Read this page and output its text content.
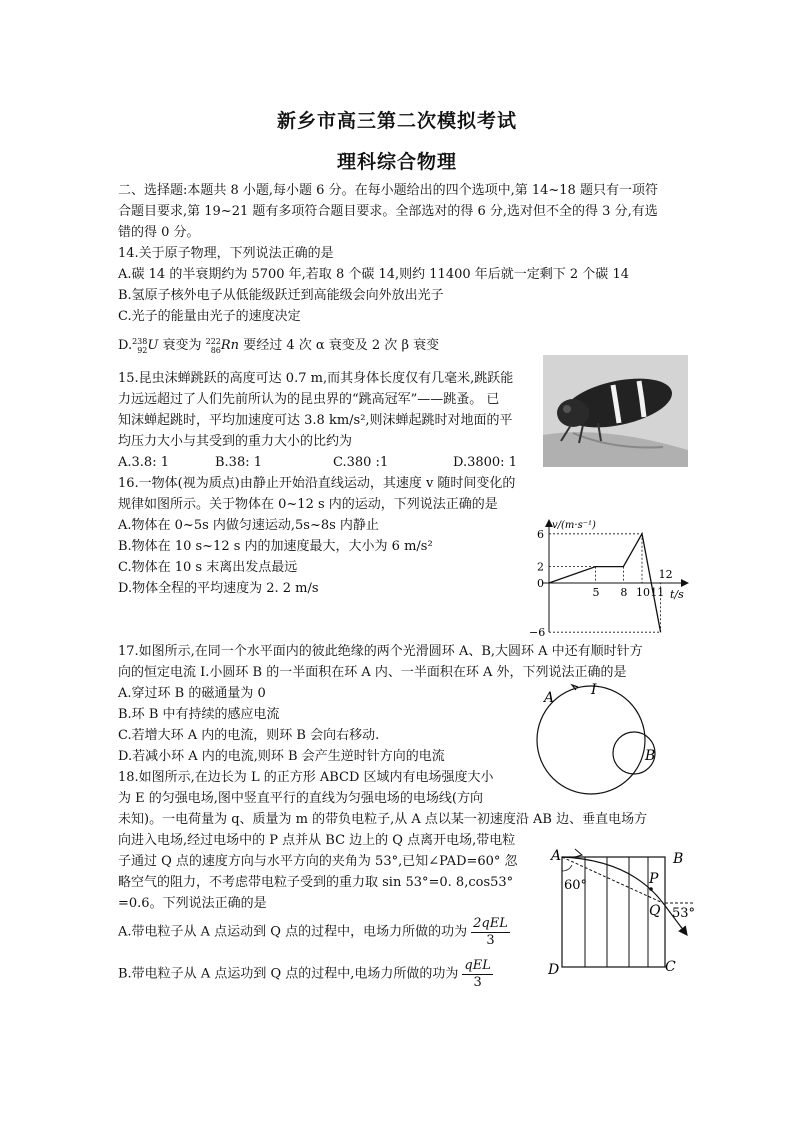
新乡市高三第二次模拟考试
理科综合物理
二、选择题:本题共 8 小题,每小题 6 分。在每小题给出的四个选项中,第 14~18 题只有一项符
合题目要求,第 19~21 题有多项符合题目要求。全部选对的得 6 分,选对但不全的得 3 分,有选
错的得 0 分。
14.关于原子物理，下列说法正确的是
A.碳 14 的半衰期约为 5700 年,若取 8 个碳 14,则约 11400 年后就一定剩下 2 个碳 14
B.氢原子核外电子从低能级跃迁到高能级会向外放出光子
C.光子的能量由光子的速度决定
D. 238
92 U 衰变为 222
86 Rn 要经过 4 次 α 衰变及 2 次 β 衰变
15.昆虫沫蝉跳跃的高度可达 0.7 m,而其身体长度仅有几毫米,跳跃能
力远远超过了人们先前所认为的昆虫界的“跳高冠军”——跳蚤。 已
知沫蝉起跳时，平均加速度可达 3.8 km/s²,则沫蝉起跳时对地面的平
均压力大小与其受到的重力大小的比约为
A.3.8: 1	B.38: 1	C.380 :1	D.3800: 1
16.一物体(视为质点)由静止开始沿直线运动，其速度 v 随时间变化的
规律如图所示。关于物体在 0~12 s 内的运动，下列说法正确的是
A.物体在 0~5s 内做匀速运动,5s~8s 内静止
B.物体在 10 s~12 s 内的加速度最大，大小为 6 m/s²
C.物体在 10 s 末离出发点最远
D.物体全程的平均速度为 2. 2 m/s
v/(m·s⁻¹)
t/s
6
2
0
−6
5 8 10 11
12
17.如图所示,在同一个水平面内的彼此绝缘的两个光滑圆环 A、B,大圆环 A 中还有顺时针方
向的恒定电流 I.小圆环 B 的一半面积在环 A 内、一半面积在环 A 外，下列说法正确的是
A.穿过环 B 的磁通量为 0
B.环 B 中有持续的感应电流
C.若增大环 A 内的电流，则环 B 会向右移动.
D.若减小环 A 内的电流,则环 B 会产生逆时针方向的电流
A	I
B
18.如图所示,在边长为 L 的正方形 ABCD 区域内有电场强度大小
为 E 的匀强电场,图中竖直平行的直线为匀强电场的电场线(方向
未知)。一电荷量为 q、质量为 m 的带负电粒子,从 A 点以某一初速度沿 AB 边、垂直电场方
向进入电场,经过电场中的 P 点并从 BC 边上的 Q 点离开电场,带电粒
子通过 Q 点的速度方向与水平方向的夹角为 53°,已知∠PAD=60° 忽
略空气的阻力，不考虑带电粒子受到的重力取 sin 53°=0. 8,cos53°
=0.6。下列说法正确的是
A.带电粒子从 A 点运动到 Q 点的过程中，电场力所做的功为 $\frac{\text{2qEL}}{3}$
B.带电粒子从 A 点运功到 Q 点的过程中,电场力所做的功为 $\frac{\text{qEL}}{3}$
A	B
C
D
P
Q
60°
53°
